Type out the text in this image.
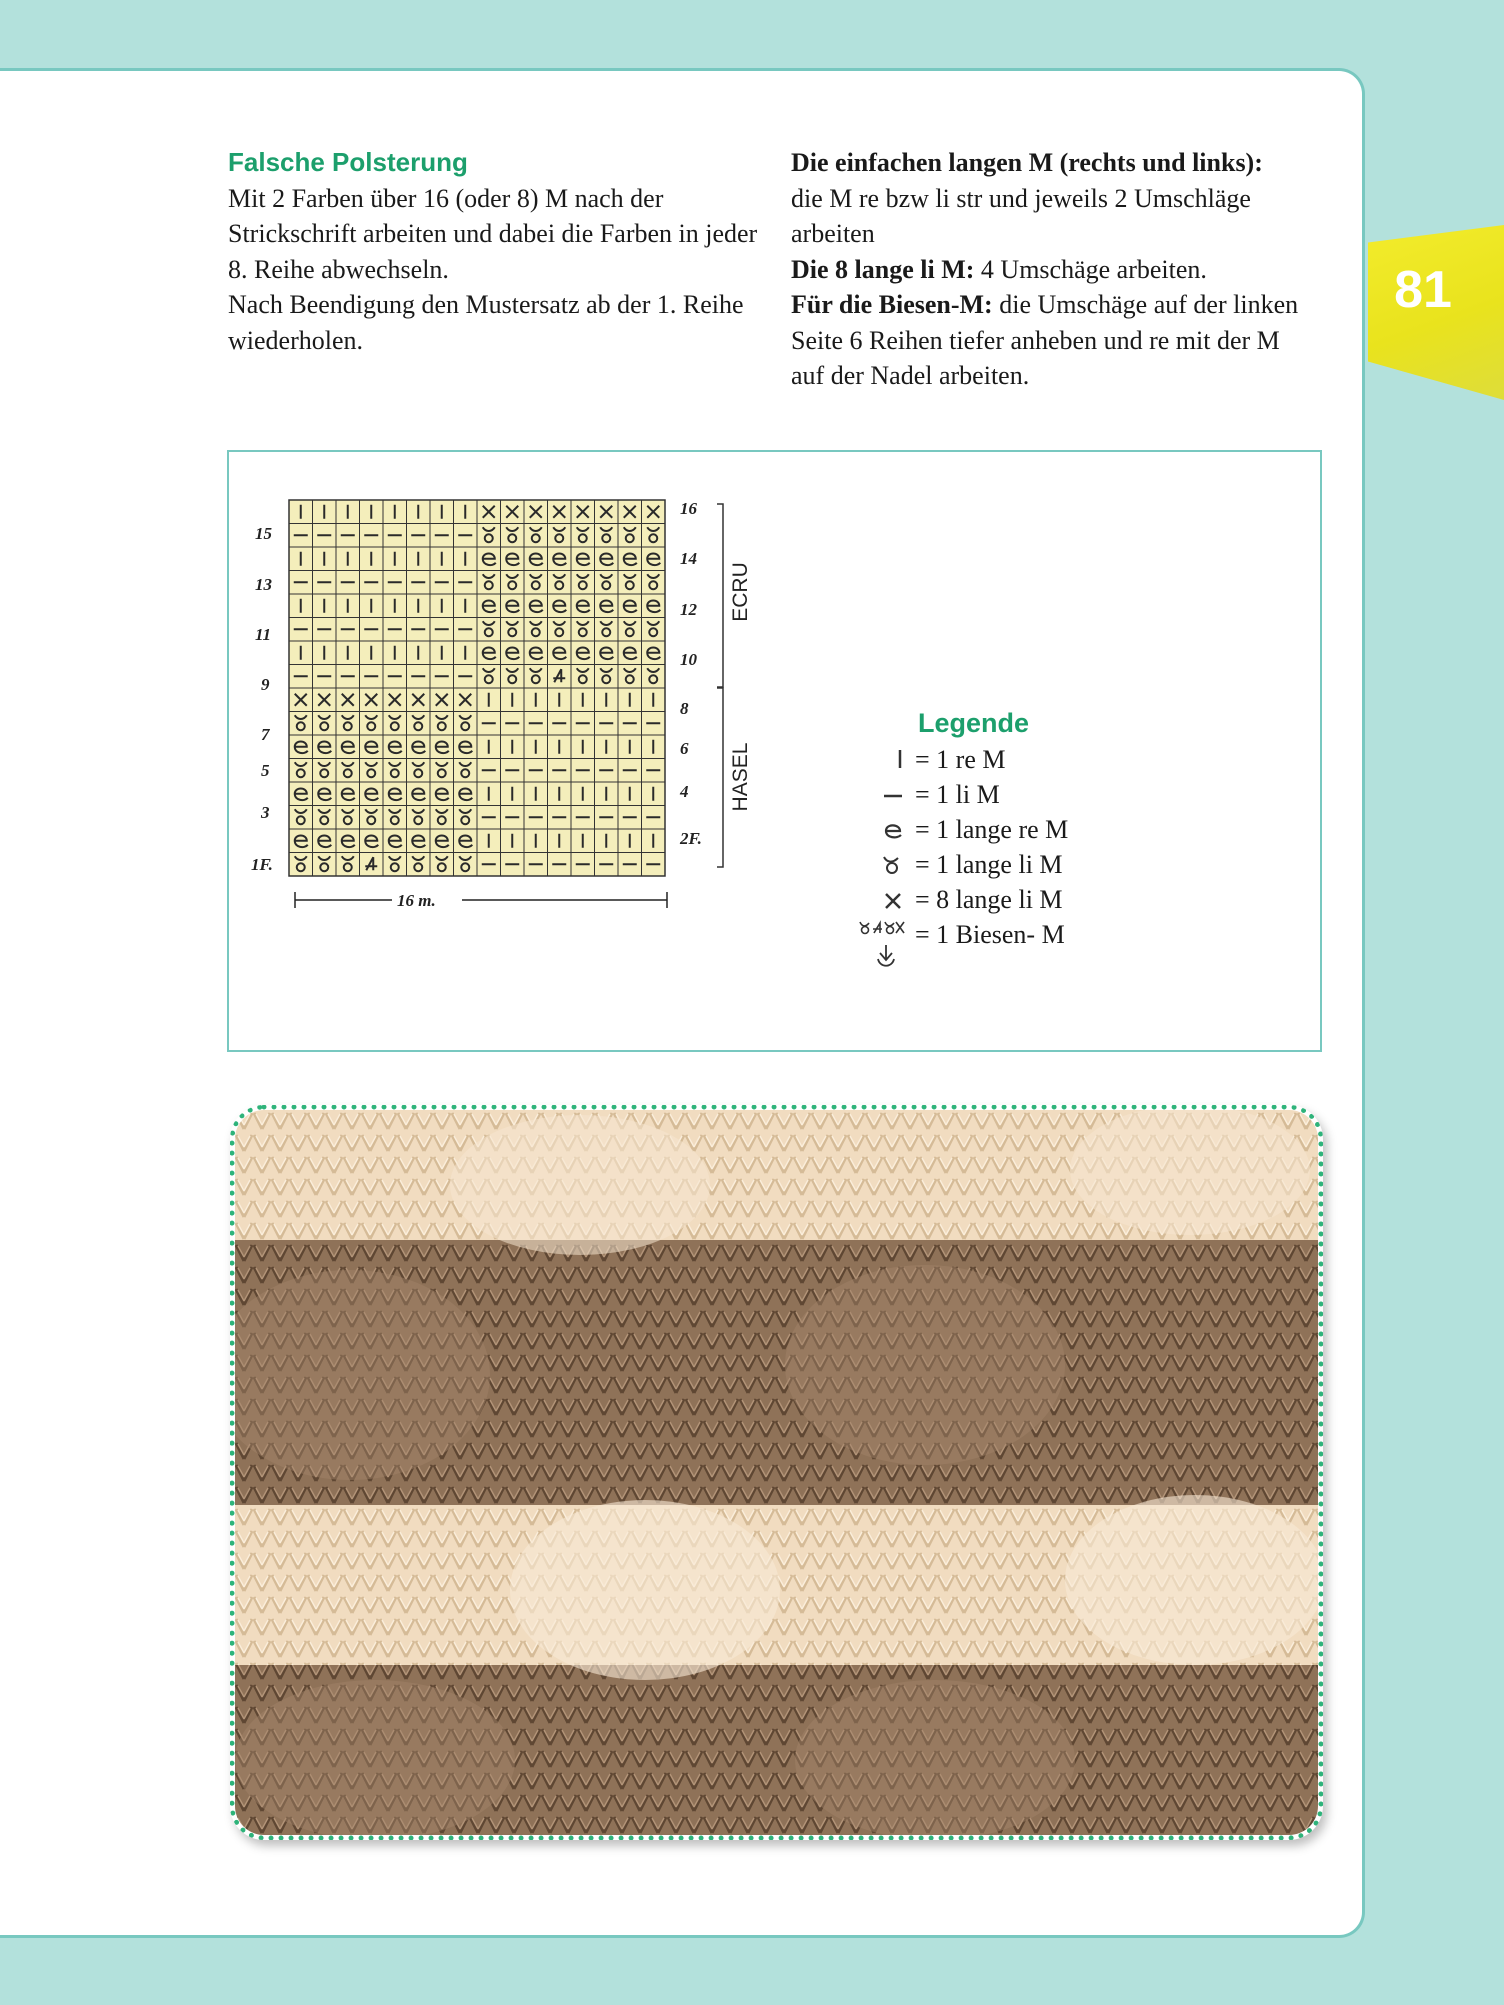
81
Falsche Polsterung
Mit 2 Farben über 16 (oder 8) M nach der
Strickschrift arbeiten und dabei die Farben in jeder
8. Reihe abwechseln.
Nach Beendigung den Mustersatz ab der 1. Reihe
wiederholen.
Die einfachen langen M (rechts und links):
die M re bzw li str und jeweils 2 Umschläge
arbeiten
Die 8 lange li M: 4 Umschäge arbeiten.
Für die Biesen-M: die Umschäge auf der linken
Seite 6 Reihen tiefer anheben und re mit der M
auf der Nadel arbeiten.
15
13
11
9
7
5
3
1F.
16
14
12
10
8
6
4
2F.
ECRU
HASEL
16 m.
Legende
= 1 re M
= 1 li M
= 1 lange re M
= 1 lange li M
= 8 lange li M
= 1 Biesen- M
